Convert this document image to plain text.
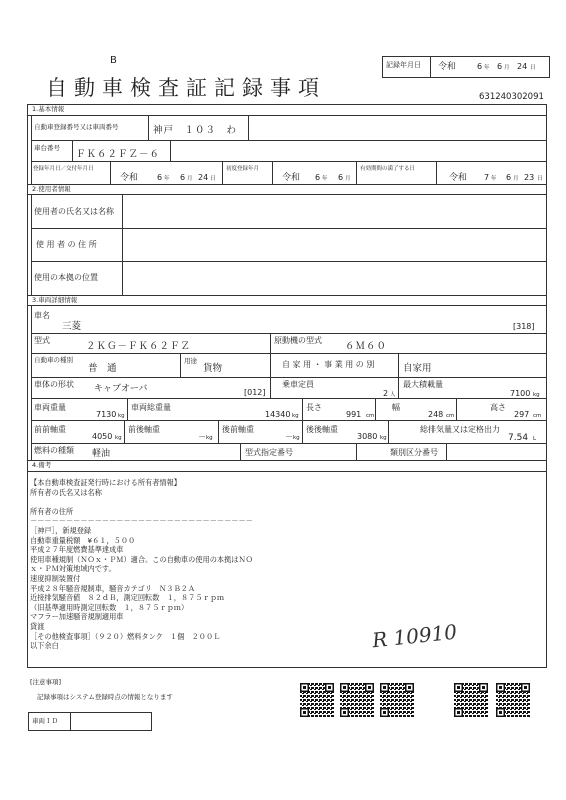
B
自動車検査証記録事項
記録年月日 令和	6 年 6 月 24 日
631240302091
1.基本情報
自動車登録番号又は車両番号	神戸　１０３　わ
車台番号
ＦＫ６２ＦＺ－６
登録年月日／交付年月日
令和 6 年 6 月 24 日
初度登録年月
令和 6 年 6 月
有効期間の満了する日
令和 7 年 6 月 23 日
2.使用者情報
使用者の氏名又は名称
使 用 者 の 住 所
使用の本拠の位置
3.車両詳細情報
車名
三菱	[318]
型式
２ＫＧ－ＦＫ６２ＦＺ
原動機の型式
６Ｍ６０
自動車の種別
普　通
用途
貨物	自 家 用 ・ 事 業 用 の 別	自家用
車体の形状 キャブオーバ	[012]
乗車定員
2 人
最大積載量
7100 kg
車両重量
7130 kg
車両総重量
14340 kg
長さ
991 cm
幅
248 cm
高さ
297 cm
前前軸重
4050 kg
前後軸重
－ kg
後前軸重
－ kg
後後軸重
3080 kg
総排気量又は定格出力
7.54 L
燃料の種類 軽油	型式指定番号	類別区分番号
4.備考
【本自動車検査証発行時における所有者情報】
所有者の氏名又は名称
所有者の住所
－－－－－－－－－－－－－－－－－－－－－－－－－－－－－－－
［神戸］，新規登録
自動車重量税額　¥６１，５００
平成２７年度燃費基準達成車
使用車種規制（ＮＯｘ・ＰＭ）適合。この自動車の使用の本拠はＮＯ
ｘ・ＰＭ対策地域内です。
速度抑制装置付
平成２８年騒音規制車，騒音カテゴリ　Ｎ３Ｂ２Ａ
近接排気騒音値　８２ｄＢ，測定回転数　１，８７５ｒｐｍ
（旧基準適用時測定回転数　１，８７５ｒｐｍ）
マフラー加速騒音規制適用車
貸渡
［その他検査事項］（９２０）燃料タンク　１個　２００Ｌ
以下余白	R 10910
[注意事項]
記録事項はシステム登録時点の情報となります
車両ＩＤ
